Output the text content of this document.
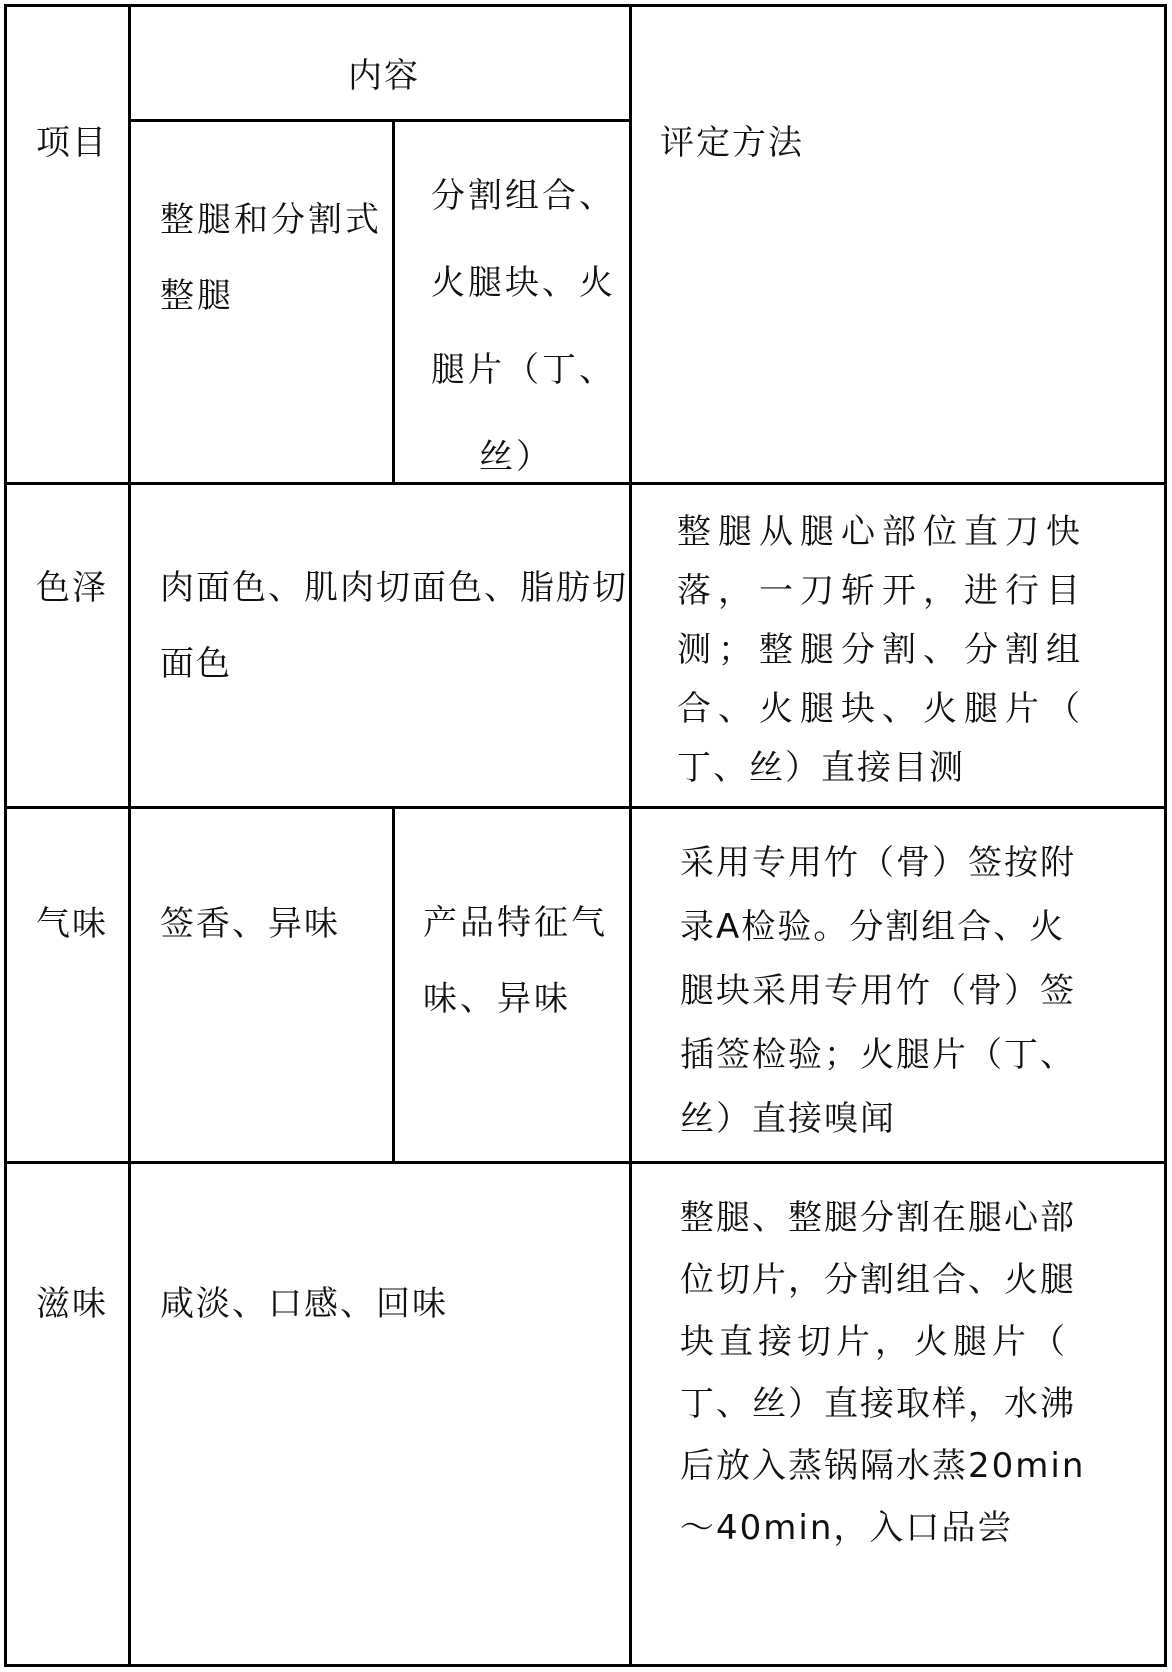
项目
内容
评定方法
整腿和分割式
整腿
分割组合、
火腿块、火
腿片（丁、
丝）
色泽 肉面色、肌肉切面色、脂肪切
面色
整腿从腿心部位直刀快
落，一刀斩开，进行目
测；整腿分割、分割组
合、火腿块、火腿片（
丁、丝）直接目测
气味 签香、异味 产品特征气
味、异味
采用专用竹（骨）签按附
录A检验。分割组合、火
腿块采用专用竹（骨）签
插签检验；火腿片（丁、
丝）直接嗅闻
滋味 咸淡、口感、回味
整腿、整腿分割在腿心部
位切片，分割组合、火腿
块直接切片，火腿片（
丁、丝）直接取样，水沸
后放入蒸锅隔水蒸20min
～40min，入口品尝
